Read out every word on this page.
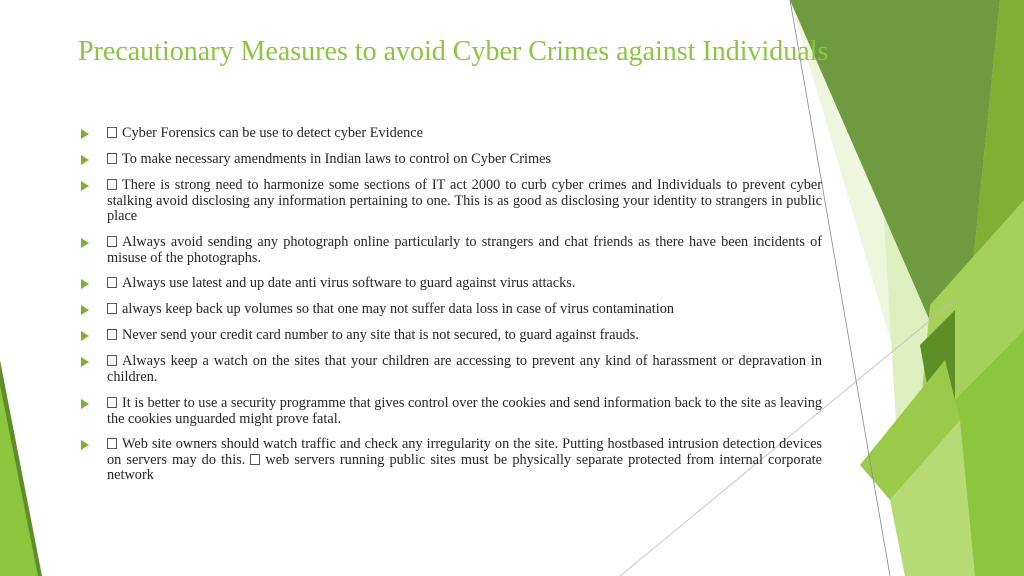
Precautionary Measures to avoid Cyber Crimes against Individuals
Cyber Forensics can be use to detect cyber Evidence
To make necessary amendments in Indian laws to control on Cyber Crimes
There is strong need to harmonize some sections of IT act 2000 to curb cyber crimes and Individuals to prevent cyber stalking avoid disclosing any information pertaining to one. This is as good as disclosing your identity to strangers in public place
Always avoid sending any photograph online particularly to strangers and chat friends as there have been incidents of misuse of the photographs.
Always use latest and up date anti virus software to guard against virus attacks.
always keep back up volumes so that one may not suffer data loss in case of virus contamination
Never send your credit card number to any site that is not secured, to guard against frauds.
Always keep a watch on the sites that your children are accessing to prevent any kind of harassment or depravation in children.
It is better to use a security programme that gives control over the cookies and send information back to the site as leaving the cookies unguarded might prove fatal.
Web site owners should watch traffic and check any irregularity on the site. Putting hostbased intrusion detection devices on servers may do this. web servers running public sites must be physically separate protected from internal corporate network
